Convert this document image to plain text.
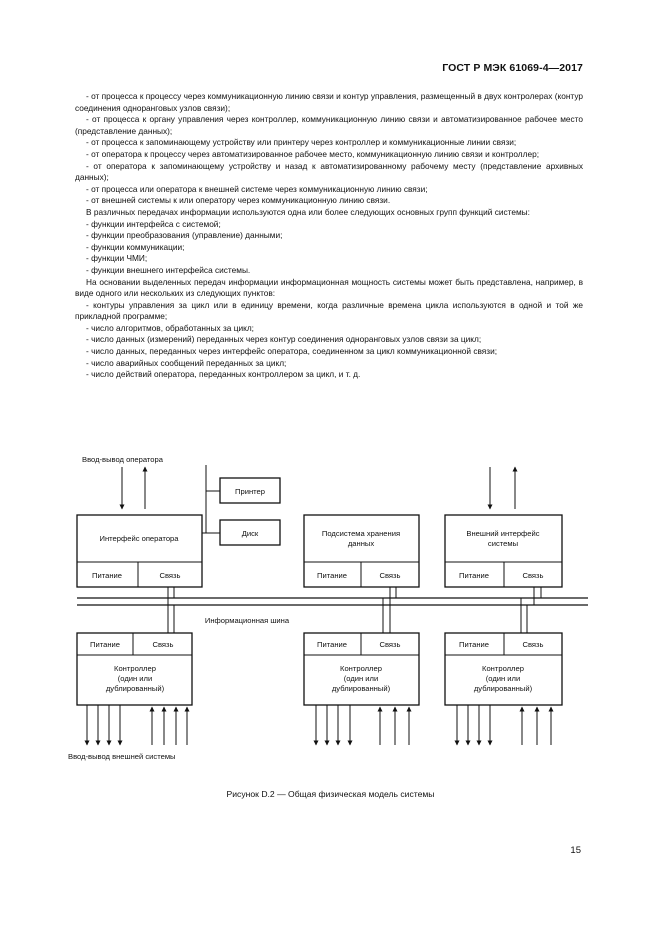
ГОСТ Р МЭК 61069-4—2017

- от процесса к процессу через коммуникационную линию связи и контур управления, размещенный в двух контролерах (контур соединения одноранговых узлов связи);

- от процесса к органу управления через контроллер, коммуникационную линию связи и автоматизированное рабочее место (представление данных);

- от процесса к запоминающему устройству или принтеру через контроллер и коммуникационные линии связи;

- от оператора к процессу через автоматизированное рабочее место, коммуникационную линию связи и контроллер;

- от оператора к запоминающему устройству и назад к автоматизированному рабочему месту (представление архивных данных);

- от процесса или оператора к внешней системе через коммуникационную линию связи;

- от внешней системы к или оператору через коммуникационную линию связи.

В различных передачах информации используются одна или более следующих основных групп функций системы:

- функции интерфейса с системой;

- функции преобразования (управление) данными;

- функции коммуникации;

- функции ЧМИ;

- функции внешнего интерфейса системы.

На основании выделенных передач информации информационная мощность системы может быть представлена, например, в виде одного или нескольких из следующих пунктов:

- контуры управления за цикл или в единицу времени, когда различные времена цикла используются в одной и той же прикладной программе;

- число алгоритмов, обработанных за цикл;

- число данных (измерений) переданных через контур соединения одноранговых узлов связи за цикл;

- число данных, переданных через интерфейс оператора, соединенном за цикл коммуникационной связи;

- число аварийных сообщений переданных за цикл;

- число действий оператора, переданных контроллером за цикл, и т. д.

Ввод-вывод оператора
Принтер
Диск
Интерфейс оператора
Подсистема хранения
данных
Внешний интерфейс
системы
Питание	Связь	Питание	Связь	Питание	Связь
Информационная шина
Питание	Связь	Питание	Связь	Питание	Связь
Контроллер
(один или
дублированный)
Контроллер
(один или
дублированный)
Контроллер
(один или
дублированный)
Ввод-вывод внешней системы
Рисунок D.2 — Общая физическая модель системы
15
